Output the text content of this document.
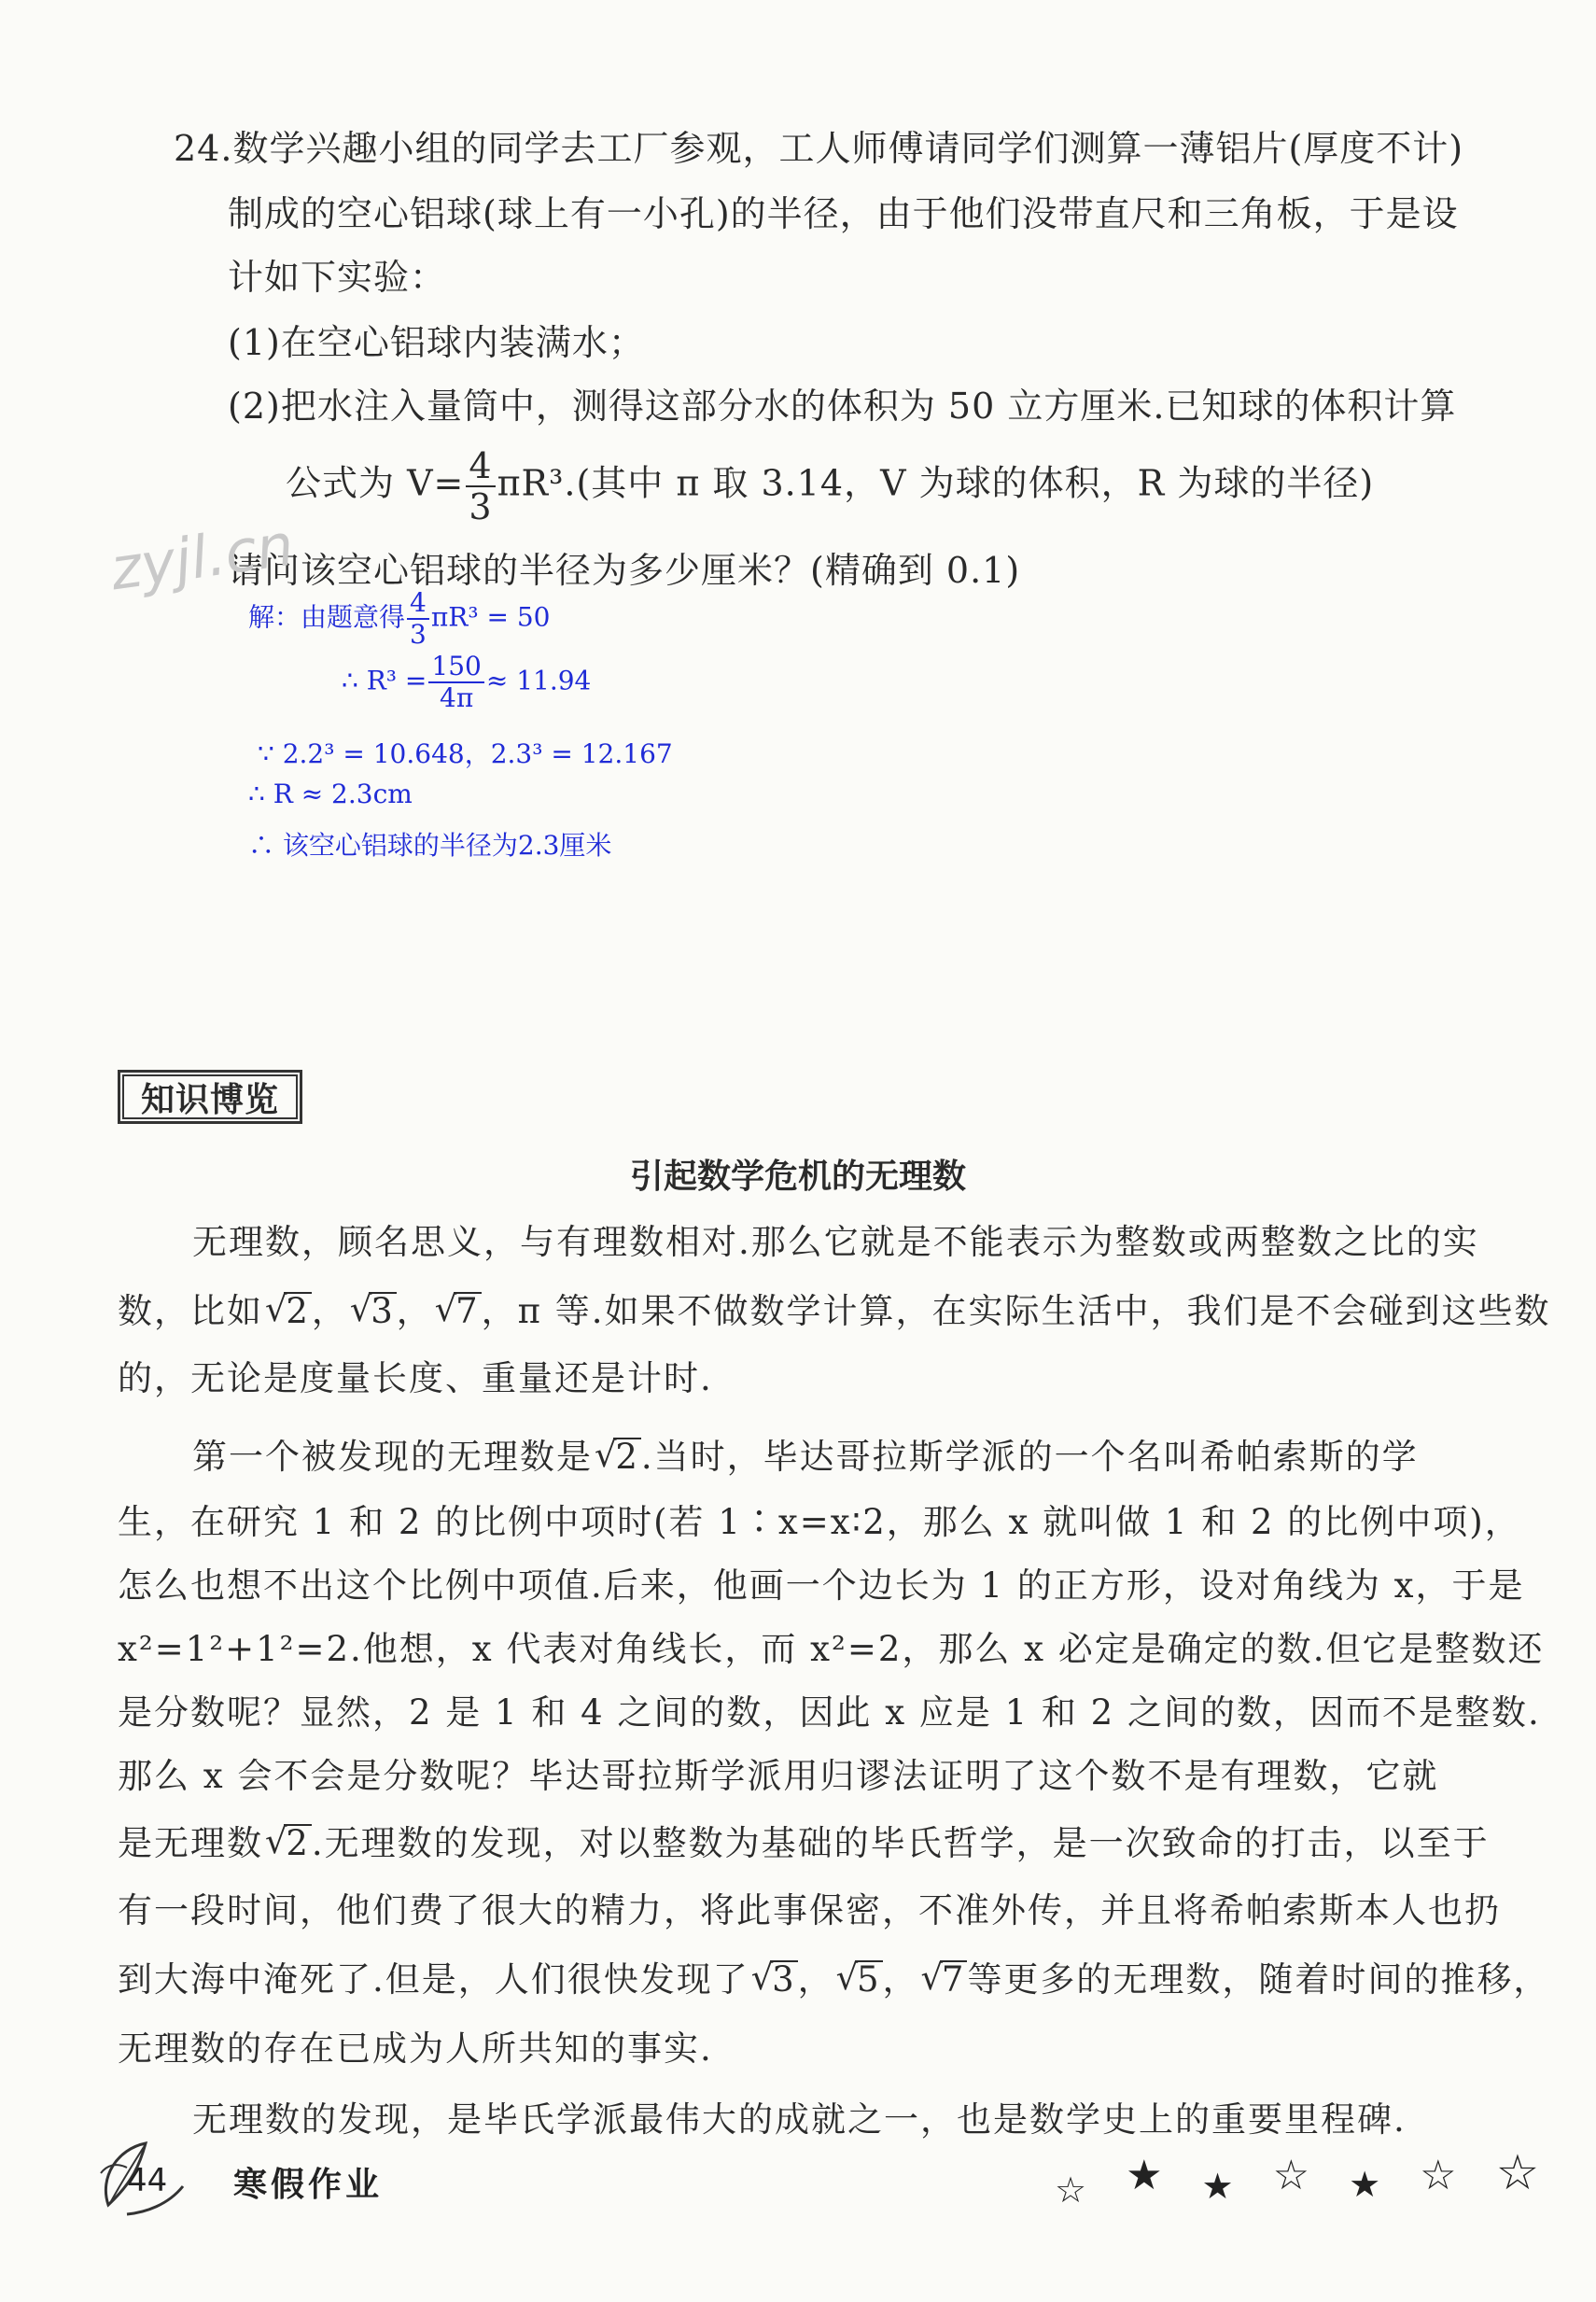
24.数学兴趣小组的同学去工厂参观，工人师傅请同学们测算一薄铝片(厚度不计)
制成的空心铝球(球上有一小孔)的半径，由于他们没带直尺和三角板，于是设
计如下实验：
(1)在空心铝球内装满水；
(2)把水注入量筒中，测得这部分水的体积为 50 立方厘米.已知球的体积计算
公式为 $V= \frac{4}{3} \pi R^3$.(其中 π 取 3.14，V 为球的体积，R 为球的半径)
请问该空心铝球的半径为多少厘米？(精确到 0.1)
zyjl.cn
解：由题意得 $\frac{4}{3} \pi R^3 = 50$
∴ $R^3 = \frac{150}{4\pi} \approx 11.94$
∵ 2.2³ = 10.648，2.3³ = 12.167
∴ R ≈ 2.3cm
∴ 该空心铝球的半径为2.3厘米
知识博览
引起数学危机的无理数
无理数，顾名思义，与有理数相对.那么它就是不能表示为整数或两整数之比的实
数，比如 √ 2， √ 3， √ 7，π 等.如果不做数学计算，在实际生活中，我们是不会碰到这些数
的，无论是度量长度、重量还是计时.
第一个被发现的无理数是 √ 2.当时，毕达哥拉斯学派的一个名叫希帕索斯的学
生，在研究 1 和 2 的比例中项时(若 1∶x=x∶2，那么 x 就叫做 1 和 2 的比例中项)，
怎么也想不出这个比例中项值.后来，他画一个边长为 1 的正方形，设对角线为 x，于是
x²=1²+1²=2.他想，x 代表对角线长，而 x²=2，那么 x 必定是确定的数.但它是整数还
是分数呢？显然，2 是 1 和 4 之间的数，因此 x 应是 1 和 2 之间的数，因而不是整数.
那么 x 会不会是分数呢？毕达哥拉斯学派用归谬法证明了这个数不是有理数，它就
是无理数 √ 2.无理数的发现，对以整数为基础的毕氏哲学，是一次致命的打击，以至于
有一段时间，他们费了很大的精力，将此事保密，不准外传，并且将希帕索斯本人也扔
到大海中淹死了.但是，人们很快发现了 √ 3， √ 5， √ 7等更多的无理数，随着时间的推移，
无理数的存在已成为人所共知的事实.
无理数的发现，是毕氏学派最伟大的成就之一，也是数学史上的重要里程碑.
44 寒假作业	☆ ★ ★ ☆ ★ ☆ ☆
